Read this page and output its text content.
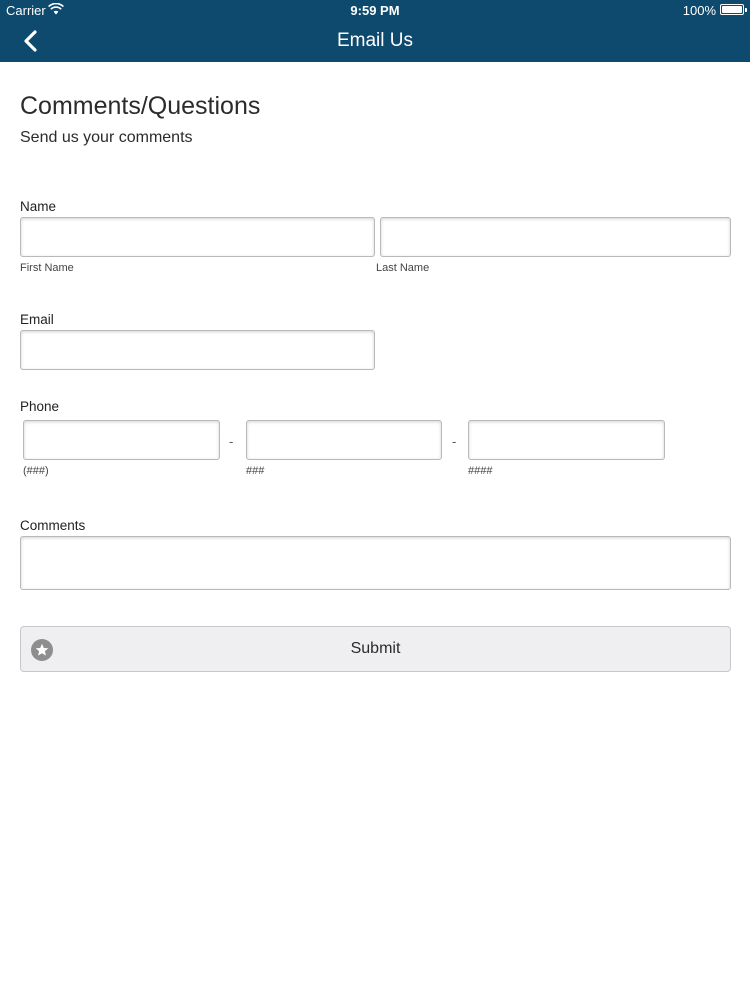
Carrier	9:59 PM	100%
Email Us
Comments/Questions
Send us your comments
Name
First Name	Last Name
Email
Phone
-	-
(###)	###	####
Comments
Submit
